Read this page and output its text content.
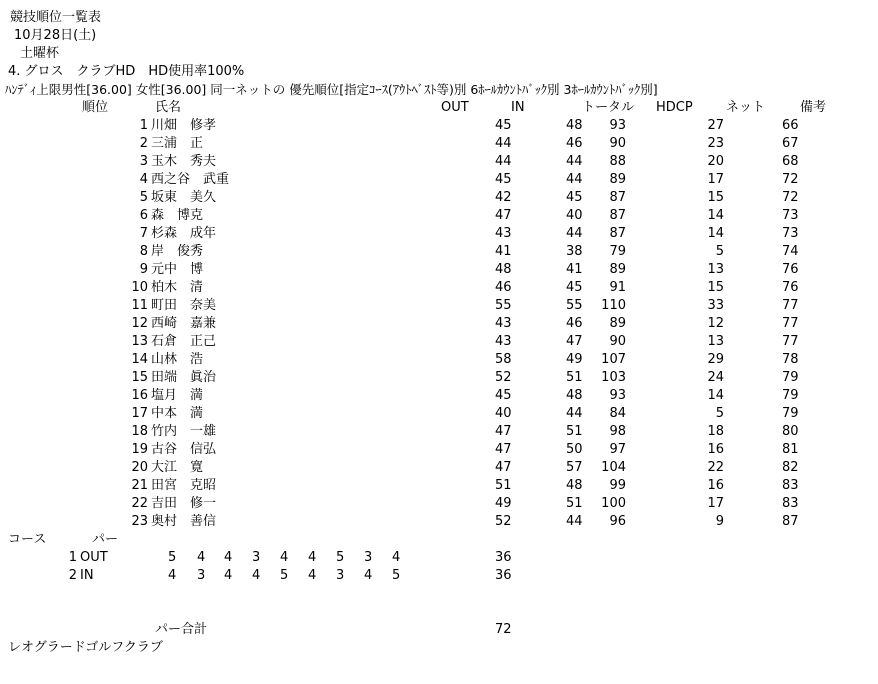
競技順位一覧表
10月28日(土)
土曜杯
4. グロス　クラブHD　HD使用率100%
ﾊﾝﾃﾞｨ上限男性[36.00] 女性[36.00] 同一ネットの 優先順位[指定ｺｰｽ(ｱｳﾄﾍﾞｽﾄ等)別 6ﾎｰﾙｶｳﾝﾄﾊﾞｯｸ別 3ﾎｰﾙｶｳﾝﾄﾊﾞｯｸ別]
順位	氏名	OUT	IN	トータル HDCP	ネット	備考
1 川畑　修孝	45	48 93	27	66
2 三浦　正	44	46 90	23	67
3 玉木　秀夫	44	44 88	20	68
4 西之谷　武重	45	44 89	17	72
5 坂東　美久	42	45 87	15	72
6 森　博克	47	40 87	14	73
7 杉森　成年	43	44 87	14	73
8 岸　俊秀	41	38 79	5	74
9 元中　博	48	41 89	13	76
10 柏木　清	46	45 91	15	76
11 町田　奈美	55	55 110	33	77
12 西崎　嘉兼	43	46 89	12	77
13 石倉　正己	43	47 90	13	77
14 山林　浩	58	49 107	29	78
15 田端　眞治	52	51 103	24	79
16 塩月　満	45	48 93	14	79
17 中本　満	40	44 84	5	79
18 竹内　一雄	47	51 98	18	80
19 古谷　信弘	47	50 97	16	81
20 大江　寛	47	57 104	22	82
21 田宮　克昭	51	48 99	16	83
22 吉田　修一	49	51 100	17	83
23 奥村　善信	52	44 96	9	87
コース	パー
1 OUT	5 4 4 3 4 4 5 3 4	36
2 IN	4 3 4 4 5 4 3 4 5	36
パー合計	72
レオグラードゴルフクラブ
